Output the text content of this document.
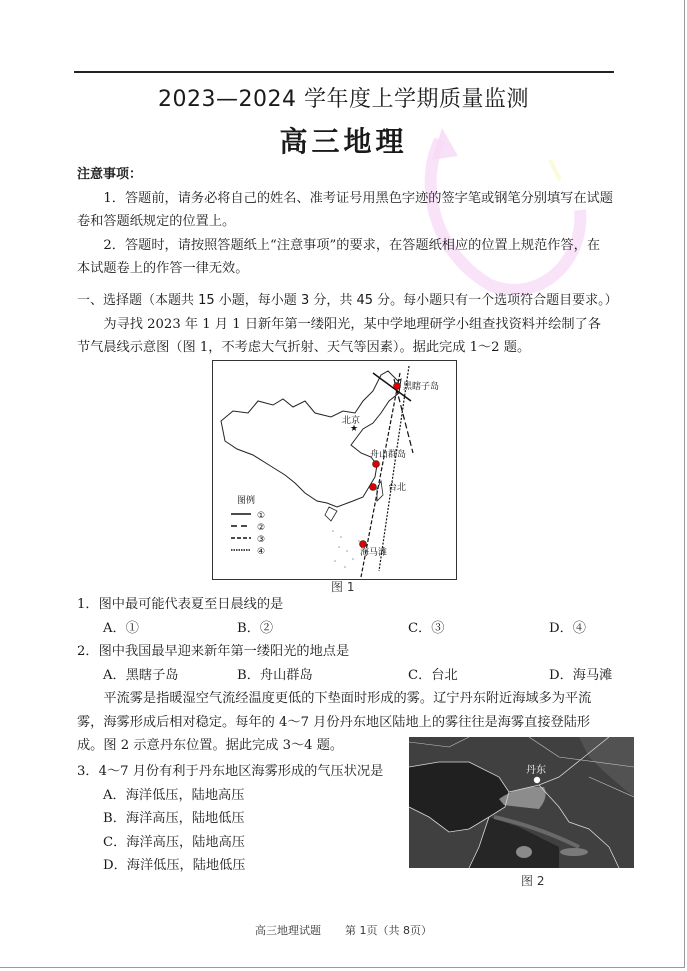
2023—2024 学年度上学期质量监测
高三地理
注意事项：
1．答题前，请务必将自己的姓名、准考证号用黑色字迹的签字笔或钢笔分别填写在试题卷和答题纸规定的位置上。
2．答题时，请按照答题纸上“注意事项”的要求，在答题纸相应的位置上规范作答，在本试题卷上的作答一律无效。
一、选择题（本题共 15 小题，每小题 3 分，共 45 分。每小题只有一个选项符合题目要求。）
为寻找 2023 年 1 月 1 日新年第一缕阳光，某中学地理研学小组查找资料并绘制了各节气晨线示意图（图 1，不考虑大气折射、天气等因素）。据此完成 1～2 题。
北京
★
黑瞎子岛
舟山群岛
台北
海马滩
图例
①
②
③
④
图 1
1．图中最可能代表夏至日晨线的是
A．①	B．②	C．③	D．④
2．图中我国最早迎来新年第一缕阳光的地点是
A．黑瞎子岛	B．舟山群岛	C．台北	D．海马滩
平流雾是指暖湿空气流经温度更低的下垫面时形成的雾。辽宁丹东附近海域多为平流雾，海雾形成后相对稳定。每年的 4～7 月份丹东地区陆地上的雾往往是海雾直接登陆形成。图 2 示意丹东位置。据此完成 3～4 题。
丹东
图 2
3．4～7 月份有利于丹东地区海雾形成的气压状况是
A．海洋低压，陆地高压
B．海洋高压，陆地低压
C．海洋高压，陆地高压
D．海洋低压，陆地低压
高三地理试题 第 1页（共 8页）
